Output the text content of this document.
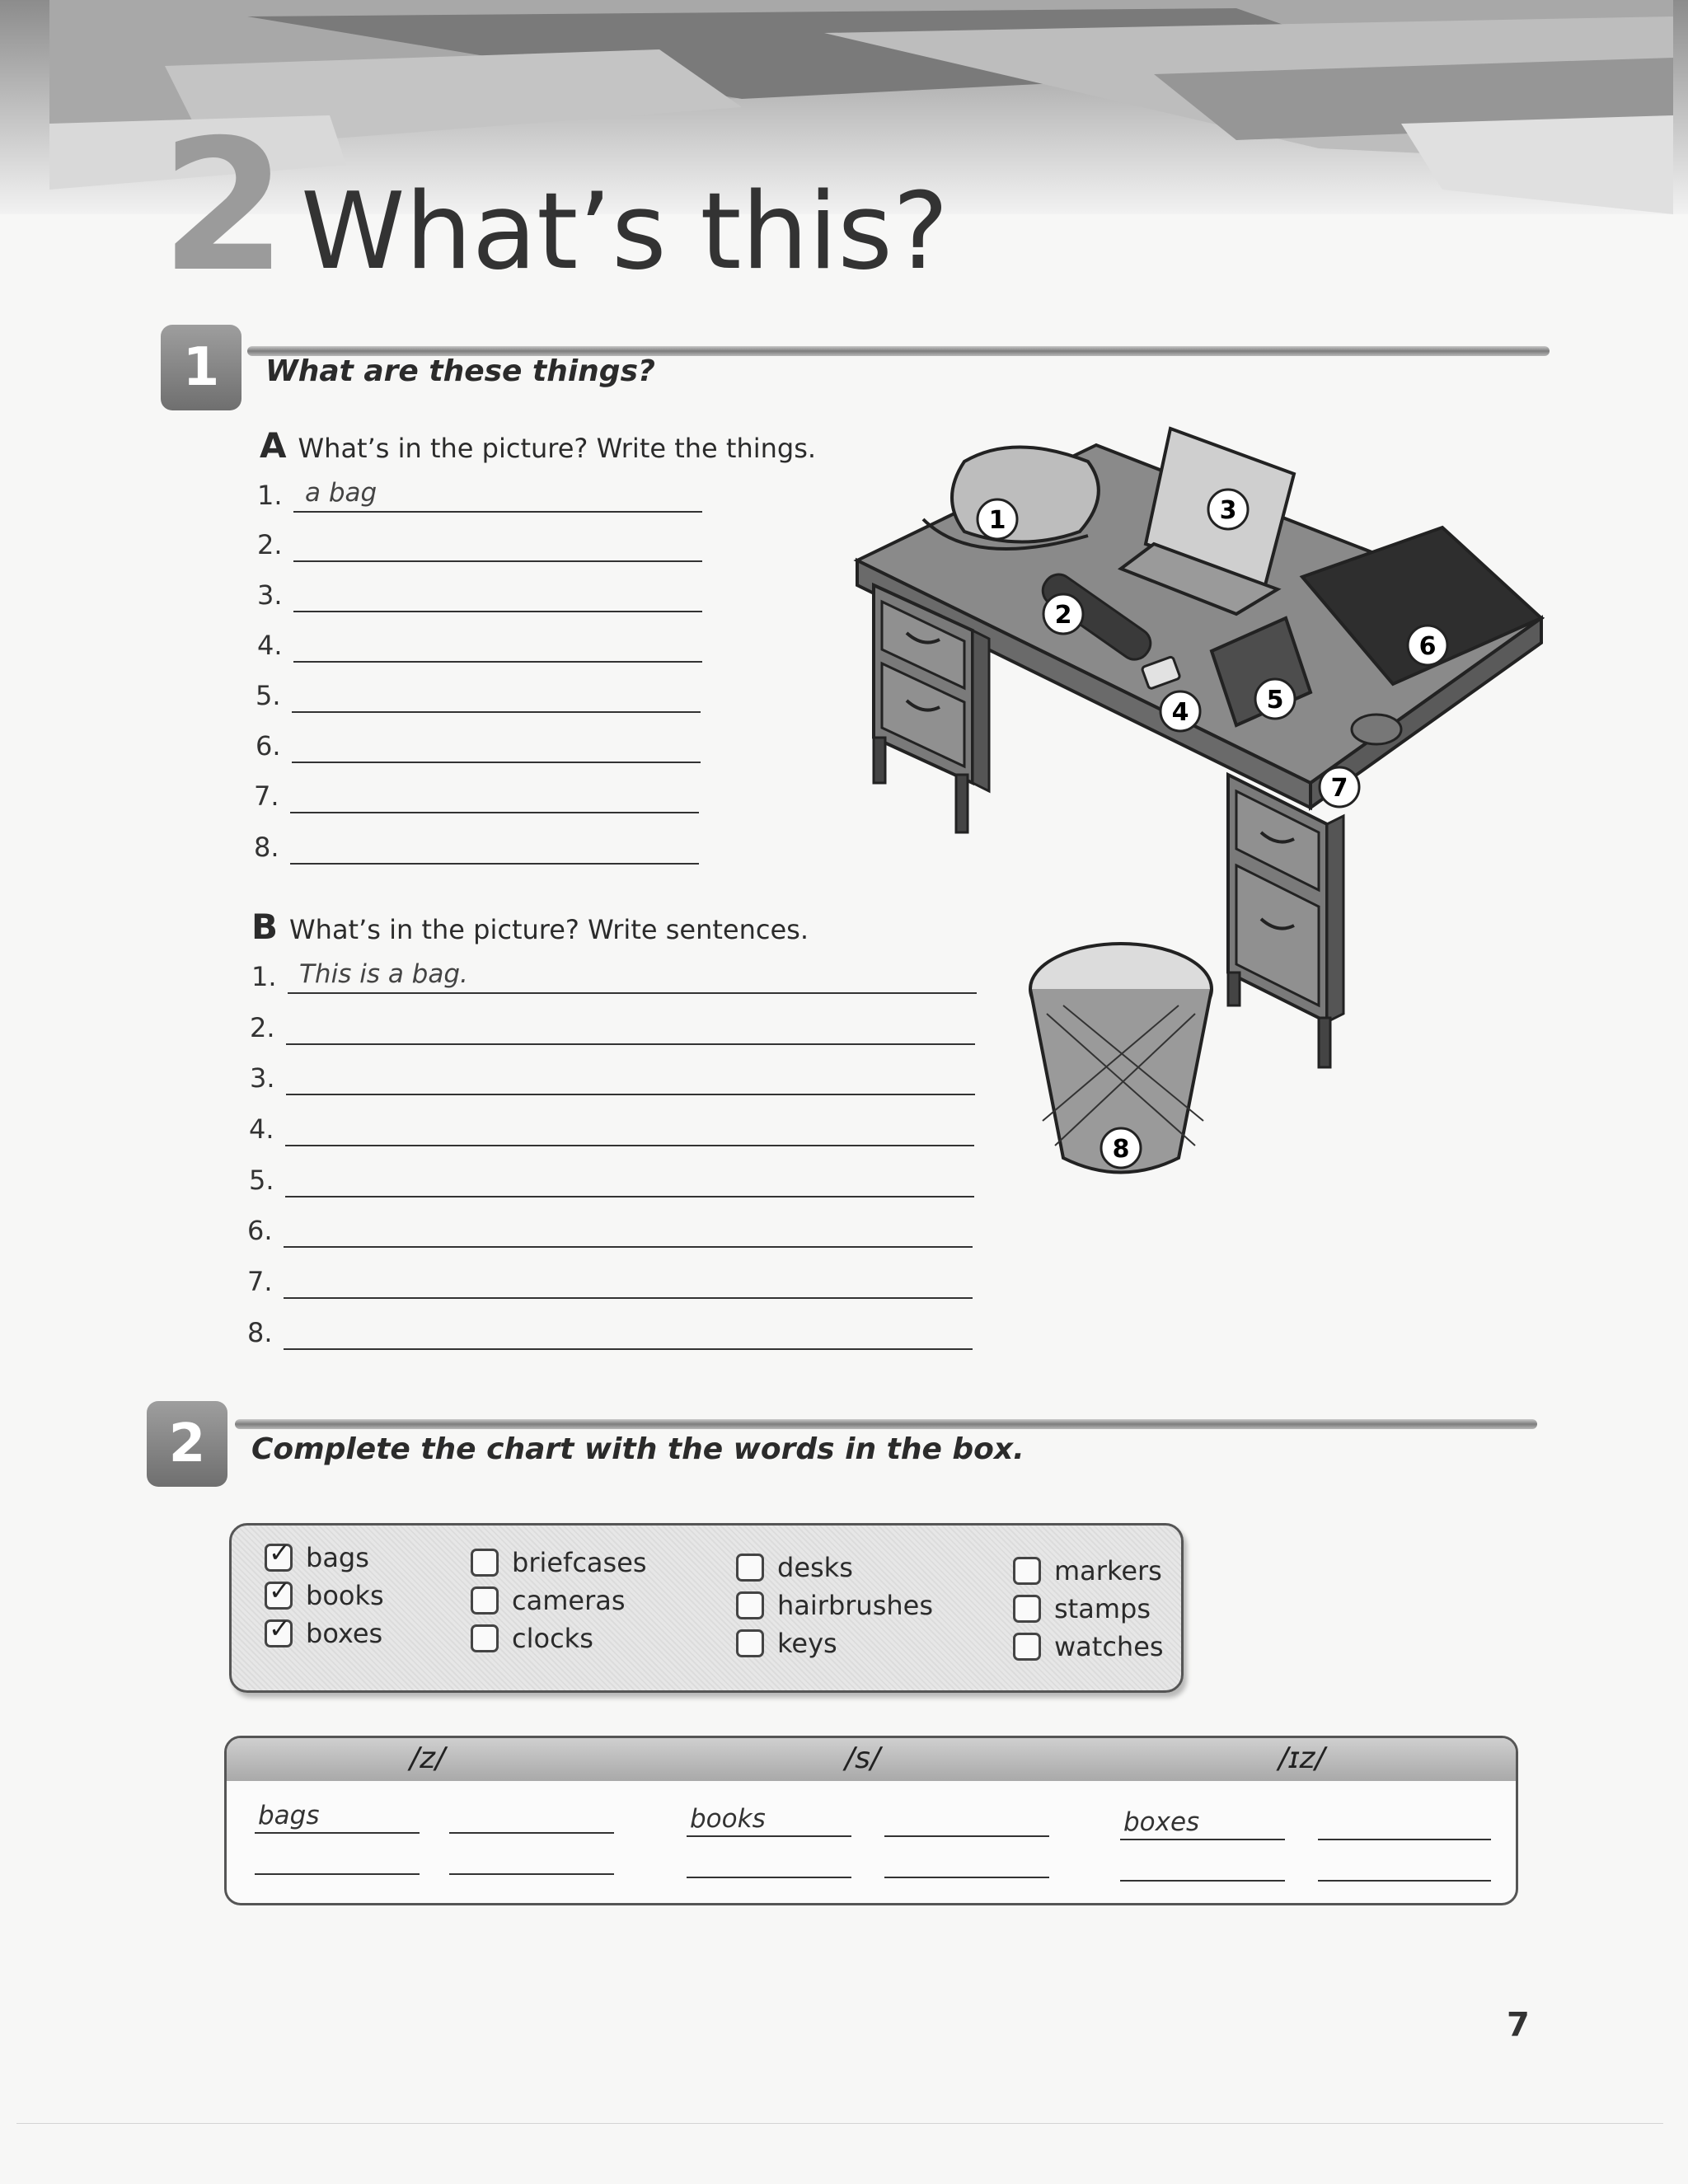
2 What’s this?
1	What are these things?
A What’s in the picture? Write the things.
1. a bag
2.
3.
4.
5.
6.
7.
8.
B What’s in the picture? Write sentences.
1. This is a bag.
2.
3.
4.
5.
6.
7.
8.
1
2
3
4	5
6
7
8
2	Complete the chart with the words in the box.
✓ bags
✓ books
✓ boxes
briefcases
cameras
clocks
desks
hairbrushes
keys
markers
stamps
watches
/z/	/s/	/ɪz/
bags	books	boxes
7
